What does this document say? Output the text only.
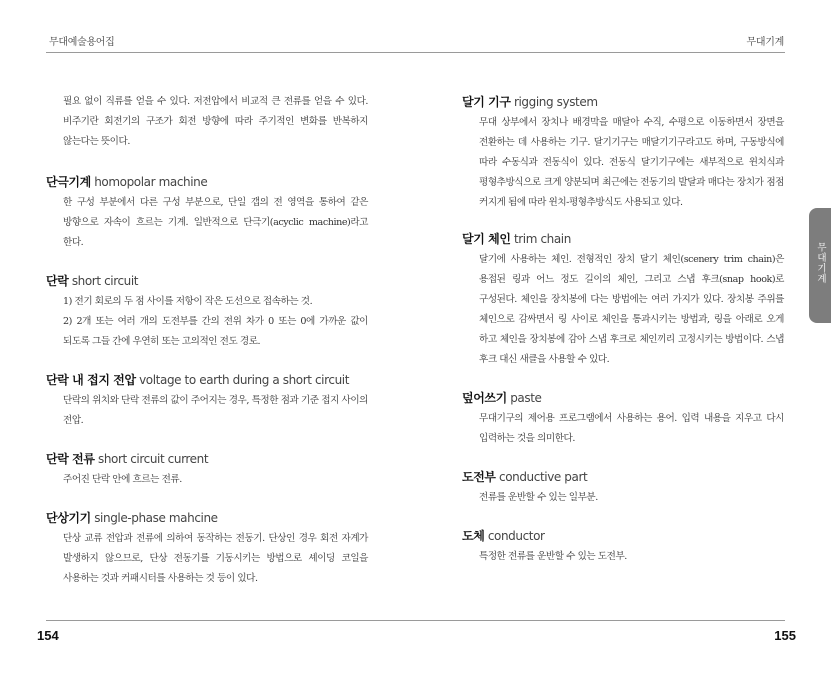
무대예술용어집	무대기계

필요 없이 직류를 얻을 수 있다. 저전압에서 비교적 큰 전류를 얻을 수 있다. 비주기란 회전기의 구조가 회전 방향에 따라 주기적인 변화를 반복하지 않는다는 뜻이다.

단극기계 homopolar machine

한 구성 부분에서 다른 구성 부분으로, 단일 갭의 전 영역을 통하여 같은 방향으로 자속이 흐르는 기계. 일반적으로 단극기(acyclic machine)라고 한다.

단락 short circuit

1) 전기 회로의 두 점 사이를 저항이 작은 도선으로 접속하는 것.

2) 2개 또는 여러 개의 도전부를 간의 전위 차가 0 또는 0에 가까운 값이 되도록 그들 간에 우연히 또는 고의적인 전도 경로.

단락 내 접지 전압 voltage to earth during a short circuit

단락의 위치와 단락 전류의 값이 주어지는 경우, 특정한 점과 기준 접지 사이의 전압.

단락 전류 short circuit current

주어진 단락 안에 흐르는 전류.

단상기기 single-phase mahcine

단상 교류 전압과 전류에 의하여 동작하는 전동기. 단상인 경우 회전 자계가 발생하지 않으므로, 단상 전동기를 기동시키는 방법으로 셰이딩 코일을 사용하는 것과 커패시터를 사용하는 것 등이 있다.

달기 기구 rigging system

무대 상부에서 장치나 배경막을 매달아 수직, 수평으로 이동하면서 장면을 전환하는 데 사용하는 기구. 달기기구는 매달기기구라고도 하며, 구동방식에 따라 수동식과 전동식이 있다. 전동식 달기기구에는 새부적으로 윈치식과 평형추방식으로 크게 양분되며 최근에는 전동기의 발달과 매다는 장치가 점점 커지게 됨에 따라 윈치-평형추방식도 사용되고 있다.

달기 체인 trim chain

달기에 사용하는 체인. 전형적인 장치 달기 체인(scenery trim chain)은 용접된 링과 어느 정도 길이의 체인, 그리고 스냅 후크(snap hook)로 구성된다. 체인을 장치봉에 다는 방법에는 여러 가지가 있다. 장치봉 주위를 체인으로 감싸면서 링 사이로 체인을 통과시키는 방법과, 링을 아래로 오게 하고 체인을 장치봉에 감아 스냅 후크로 체인끼리 고정시키는 방법이다. 스냅 후크 대신 새클을 사용할 수 있다.

덮어쓰기 paste

무대기구의 제어용 프로그램에서 사용하는 용어. 입력 내용을 지우고 다시 입력하는 것을 의미한다.

도전부 conductive part

전류를 운반할 수 있는 일부분.

도체 conductor

특정한 전류를 운반할 수 있는 도전부.

무대기계
154	155
